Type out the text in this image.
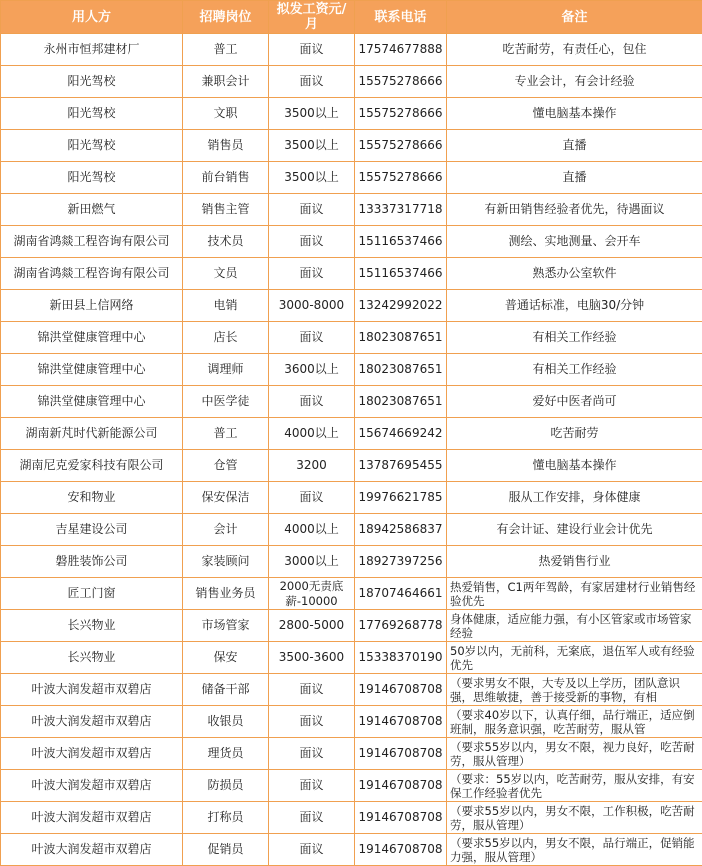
用人方	招聘岗位	拟发工资元/月	联系电话	备注
永州市恒邦建材厂	普工	面议	17574677888	吃苦耐劳，有责任心，包住
阳光驾校	兼职会计	面议	15575278666	专业会计，有会计经验
阳光驾校	文职	3500以上	15575278666	懂电脑基本操作
阳光驾校	销售员	3500以上	15575278666	直播
阳光驾校	前台销售	3500以上	15575278666	直播
新田燃气	销售主管	面议	13337317718	有新田销售经验者优先，待遇面议
湖南省鸿燚工程咨询有限公司	技术员	面议	15116537466	测绘、实地测量、会开车
湖南省鸿燚工程咨询有限公司	文员	面议	15116537466	熟悉办公室软件
新田县上信网络	电销	3000-8000	13242992022	普通话标准，电脑30/分钟
锦洪堂健康管理中心	店长	面议	18023087651	有相关工作经验
锦洪堂健康管理中心	调理师	3600以上	18023087651	有相关工作经验
锦洪堂健康管理中心	中医学徒	面议	18023087651	爱好中医者尚可
湖南新芃时代新能源公司	普工	4000以上	15674669242	吃苦耐劳
湖南尼克爱家科技有限公司	仓管	3200	13787695455	懂电脑基本操作
安和物业	保安保洁	面议	19976621785	服从工作安排，身体健康
吉星建设公司	会计	4000以上	18942586837	有会计证、建设行业会计优先
磐胜装饰公司	家装顾问	3000以上	18927397256	热爱销售行业
匠工门窗	销售业务员	2000无责底薪-10000	18707464661	热爱销售，C1两年驾龄，有家居建材行业销售经验优先
长兴物业	市场管家	2800-5000	17769268778	身体健康，适应能力强，有小区管家或市场管家经验
长兴物业	保安	3500-3600	15338370190	50岁以内，无前科，无案底，退伍军人或有经验优先
叶波大润发超市双碧店	储备干部	面议	19146708708	（要求男女不限，大专及以上学历，团队意识强，思维敏捷，善于接受新的事物，有相
叶波大润发超市双碧店	收银员	面议	19146708708	（要求40岁以下，认真仔细，品行端正，适应倒班制，服务意识强，吃苦耐劳，服从管
叶波大润发超市双碧店	理货员	面议	19146708708	（要求55岁以内，男女不限，视力良好，吃苦耐劳，服从管理）
叶波大润发超市双碧店	防损员	面议	19146708708	（要求：55岁以内，吃苦耐劳，服从安排，有安保工作经验者优先
叶波大润发超市双碧店	打称员	面议	19146708708	（要求55岁以内，男女不限，工作积极，吃苦耐劳，服从管理）
叶波大润发超市双碧店	促销员	面议	19146708708	（要求55岁以内，男女不限，品行端正，促销能力强，服从管理）
